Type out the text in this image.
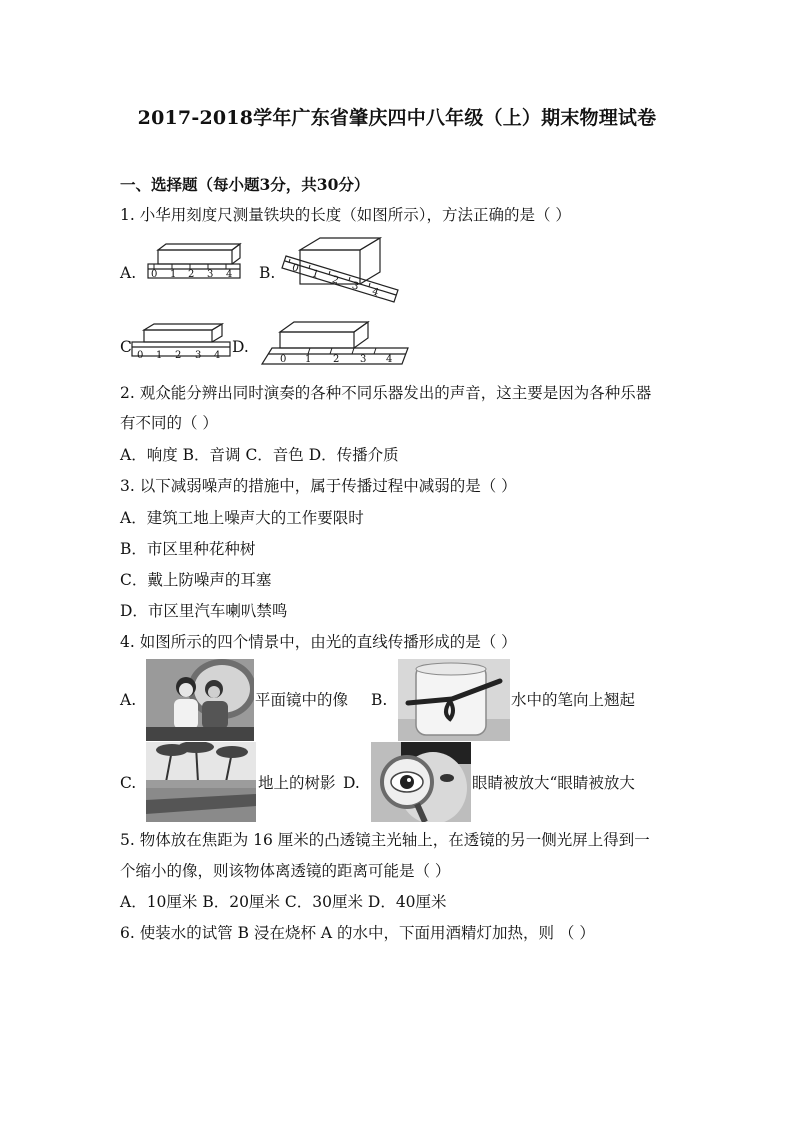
2017-2018学年广东省肇庆四中八年级（上）期末物理试卷
一、选择题（每小题3分，共30分）
1. 小华用刻度尺测量铁块的长度（如图所示），方法正确的是（ ）
A. 0 1 2 3 4 B. 0 1 2 3 4
C 0 1 2 3 4 D.
0 1 2 3 4
2. 观众能分辨出同时演奏的各种不同乐器发出的声音，这主要是因为各种乐器
有不同的（ ）
A．响度 B．音调 C．音色 D．传播介质
3. 以下减弱噪声的措施中，属于传播过程中减弱的是（ ）
A．建筑工地上噪声大的工作要限时
B．市区里种花种树
C．戴上防噪声的耳塞
D．市区里汽车喇叭禁鸣
4. 如图所示的四个情景中，由光的直线传播形成的是（ ）
A.	平面镜中的像 B.	水中的笔向上翘起
C.	地上的树影 D.	眼睛被放大“眼睛被放大
5. 物体放在焦距为 16 厘米的凸透镜主光轴上，在透镜的另一侧光屏上得到一
个缩小的像，则该物体离透镜的距离可能是（ ）
A．10厘米 B．20厘米 C．30厘米 D．40厘米
6. 使装水的试管 B 浸在烧杯 A 的水中，下面用酒精灯加热，则 （ ）
